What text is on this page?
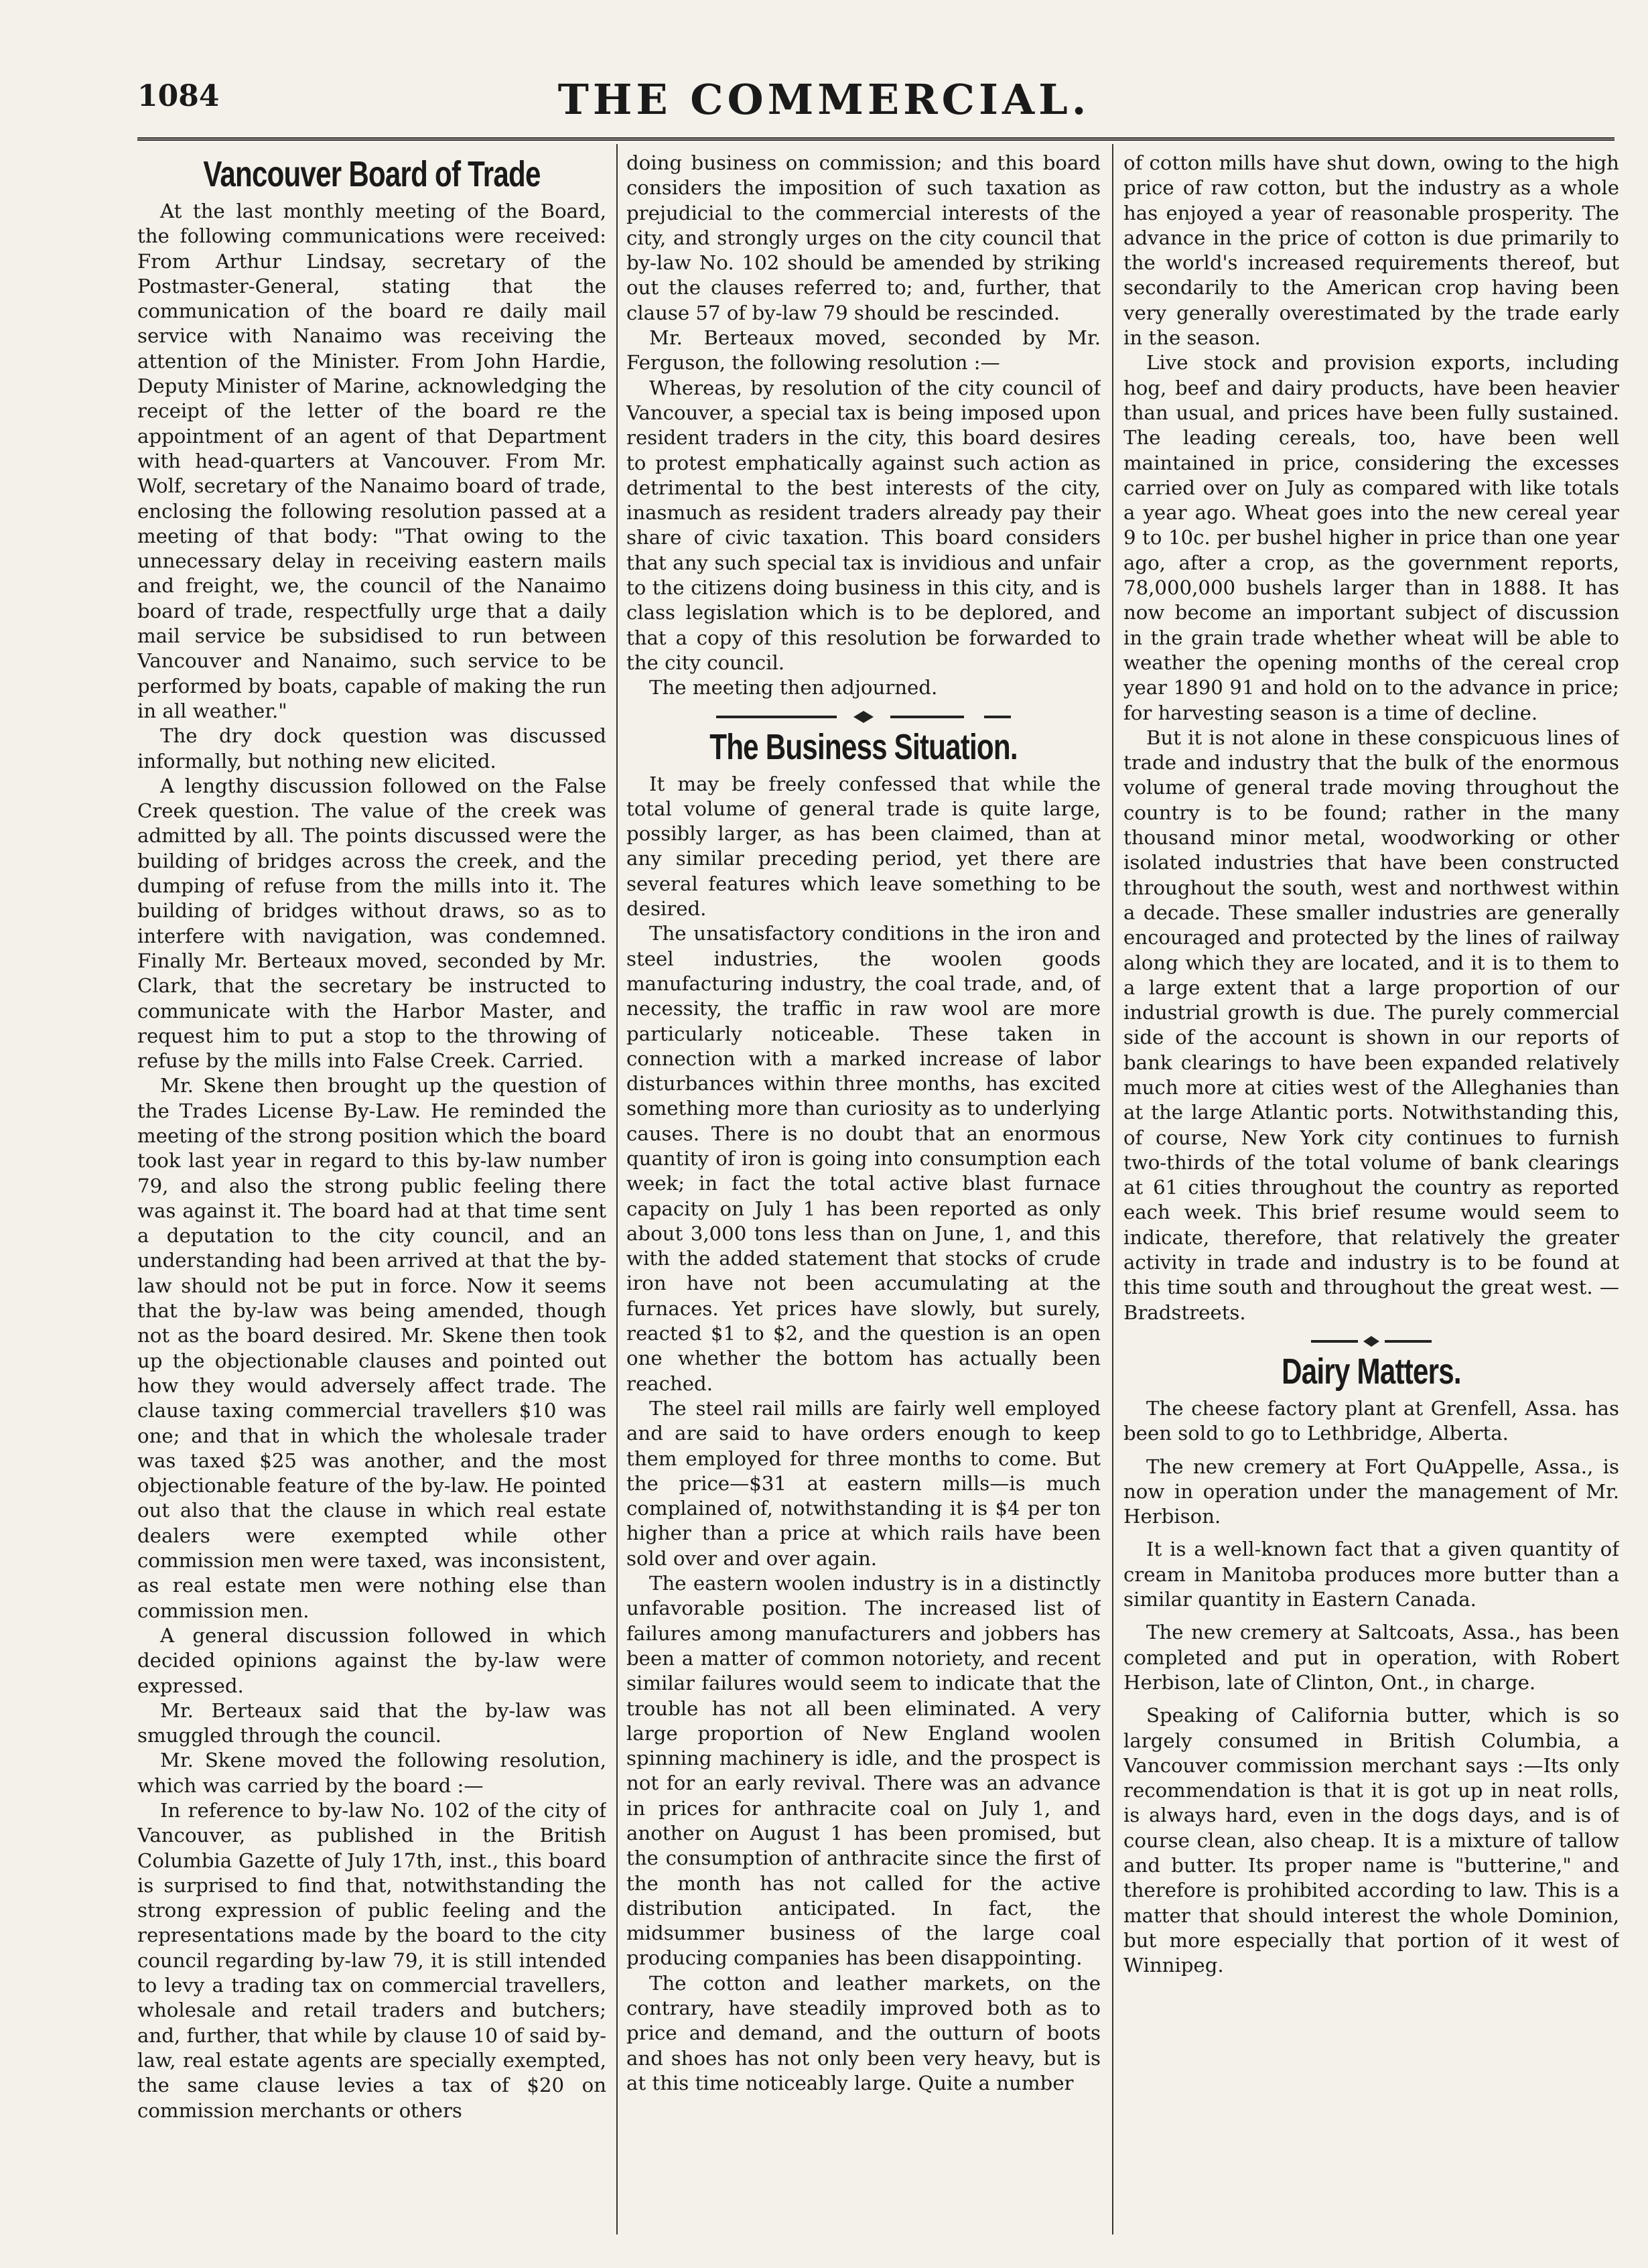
1084	THE COMMERCIAL.
Vancouver Board of Trade

At the last monthly meeting of the Board, the following communications were received: From Arthur Lindsay, secretary of the Postmaster-General, stating that the communication of the board re daily mail service with Nanaimo was receiving the attention of the Minister. From John Hardie, Deputy Minister of Marine, acknowledging the receipt of the letter of the board re the appointment of an agent of that Department with head-quarters at Vancouver. From Mr. Wolf, secretary of the Nanaimo board of trade, enclosing the following resolution passed at a meeting of that body: "That owing to the unnecessary delay in receiving eastern mails and freight, we, the council of the Nanaimo board of trade, respectfully urge that a daily mail service be subsidised to run between Vancouver and Nanaimo, such service to be performed by boats, capable of making the run in all weather."

The dry dock question was discussed informally, but nothing new elicited.

A lengthy discussion followed on the False Creek question. The value of the creek was admitted by all. The points discussed were the building of bridges across the creek, and the dumping of refuse from the mills into it. The building of bridges without draws, so as to interfere with navigation, was condemned. Finally Mr. Berteaux moved, seconded by Mr. Clark, that the secretary be instructed to communicate with the Harbor Master, and request him to put a stop to the throwing of refuse by the mills into False Creek. Carried.

Mr. Skene then brought up the question of the Trades License By-Law. He reminded the meeting of the strong position which the board took last year in regard to this by-law number 79, and also the strong public feeling there was against it. The board had at that time sent a deputation to the city council, and an understanding had been arrived at that the by-law should not be put in force. Now it seems that the by-law was being amended, though not as the board desired. Mr. Skene then took up the objectionable clauses and pointed out how they would adversely affect trade. The clause taxing commercial travellers $10 was one; and that in which the wholesale trader was taxed $25 was another, and the most objectionable feature of the by-law. He pointed out also that the clause in which real estate dealers were exempted while other commission men were taxed, was inconsistent, as real estate men were nothing else than commission men.

A general discussion followed in which decided opinions against the by-law were expressed.

Mr. Berteaux said that the by-law was smuggled through the council.

Mr. Skene moved the following resolution, which was carried by the board :—

In reference to by-law No. 102 of the city of Vancouver, as published in the British Columbia Gazette of July 17th, inst., this board is surprised to find that, notwithstanding the strong expression of public feeling and the representations made by the board to the city council regarding by-law 79, it is still intended to levy a trading tax on commercial travellers, wholesale and retail traders and butchers; and, further, that while by clause 10 of said by-law, real estate agents are specially exempted, the same clause levies a tax of $20 on commission merchants or others

doing business on commission; and this board considers the imposition of such taxation as prejudicial to the commercial interests of the city, and strongly urges on the city council that by-law No. 102 should be amended by striking out the clauses referred to; and, further, that clause 57 of by-law 79 should be rescinded.

Mr. Berteaux moved, seconded by Mr. Ferguson, the following resolution :—

Whereas, by resolution of the city council of Vancouver, a special tax is being imposed upon resident traders in the city, this board desires to protest emphatically against such action as detrimental to the best interests of the city, inasmuch as resident traders already pay their share of civic taxation. This board considers that any such special tax is invidious and unfair to the citizens doing business in this city, and is class legislation which is to be deplored, and that a copy of this resolution be forwarded to the city council.

The meeting then adjourned.

The Business Situation.

It may be freely confessed that while the total volume of general trade is quite large, possibly larger, as has been claimed, than at any similar preceding period, yet there are several features which leave something to be desired.

The unsatisfactory conditions in the iron and steel industries, the woolen goods manufacturing industry, the coal trade, and, of necessity, the traffic in raw wool are more particularly noticeable. These taken in connection with a marked increase of labor disturbances within three months, has excited something more than curiosity as to underlying causes. There is no doubt that an enormous quantity of iron is going into consumption each week; in fact the total active blast furnace capacity on July 1 has been reported as only about 3,000 tons less than on June, 1, and this with the added statement that stocks of crude iron have not been accumulating at the furnaces. Yet prices have slowly, but surely, reacted $1 to $2, and the question is an open one whether the bottom has actually been reached.

The steel rail mills are fairly well employed and are said to have orders enough to keep them employed for three months to come. But the price—$31 at eastern mills—is much complained of, notwithstanding it is $4 per ton higher than a price at which rails have been sold over and over again.

The eastern woolen industry is in a distinctly unfavorable position. The increased list of failures among manufacturers and jobbers has been a matter of common notoriety, and recent similar failures would seem to indicate that the trouble has not all been eliminated. A very large proportion of New England woolen spinning machinery is idle, and the prospect is not for an early revival. There was an advance in prices for anthracite coal on July 1, and another on August 1 has been promised, but the consumption of anthracite since the first of the month has not called for the active distribution anticipated. In fact, the midsummer business of the large coal producing companies has been disappointing.

The cotton and leather markets, on the contrary, have steadily improved both as to price and demand, and the outturn of boots and shoes has not only been very heavy, but is at this time noticeably large. Quite a number

of cotton mills have shut down, owing to the high price of raw cotton, but the industry as a whole has enjoyed a year of reasonable prosperity. The advance in the price of cotton is due primarily to the world's increased requirements thereof, but secondarily to the American crop having been very generally overestimated by the trade early in the season.

Live stock and provision exports, including hog, beef and dairy products, have been heavier than usual, and prices have been fully sustained. The leading cereals, too, have been well maintained in price, considering the excesses carried over on July as compared with like totals a year ago. Wheat goes into the new cereal year 9 to 10c. per bushel higher in price than one year ago, after a crop, as the government reports, 78,000,000 bushels larger than in 1888. It has now become an important subject of discussion in the grain trade whether wheat will be able to weather the opening months of the cereal crop year 1890 91 and hold on to the advance in price; for harvesting season is a time of decline.

But it is not alone in these conspicuous lines of trade and industry that the bulk of the enormous volume of general trade moving throughout the country is to be found; rather in the many thousand minor metal, woodworking or other isolated industries that have been constructed throughout the south, west and northwest within a decade. These smaller industries are generally encouraged and protected by the lines of railway along which they are located, and it is to them to a large extent that a large proportion of our industrial growth is due. The purely commercial side of the account is shown in our reports of bank clearings to have been expanded relatively much more at cities west of the Alleghanies than at the large Atlantic ports. Notwithstanding this, of course, New York city continues to furnish two-thirds of the total volume of bank clearings at 61 cities throughout the country as reported each week. This brief resume would seem to indicate, therefore, that relatively the greater activity in trade and industry is to be found at this time south and throughout the great west. —Bradstreets.

Dairy Matters.

The cheese factory plant at Grenfell, Assa. has been sold to go to Lethbridge, Alberta.

The new cremery at Fort QuAppelle, Assa., is now in operation under the management of Mr. Herbison.

It is a well-known fact that a given quantity of cream in Manitoba produces more butter than a similar quantity in Eastern Canada.

The new cremery at Saltcoats, Assa., has been completed and put in operation, with Robert Herbison, late of Clinton, Ont., in charge.

Speaking of California butter, which is so largely consumed in British Columbia, a Vancouver commission merchant says :—Its only recommendation is that it is got up in neat rolls, is always hard, even in the dogs days, and is of course clean, also cheap. It is a mixture of tallow and butter. Its proper name is "butterine," and therefore is prohibited according to law. This is a matter that should interest the whole Dominion, but more especially that portion of it west of Winnipeg.
